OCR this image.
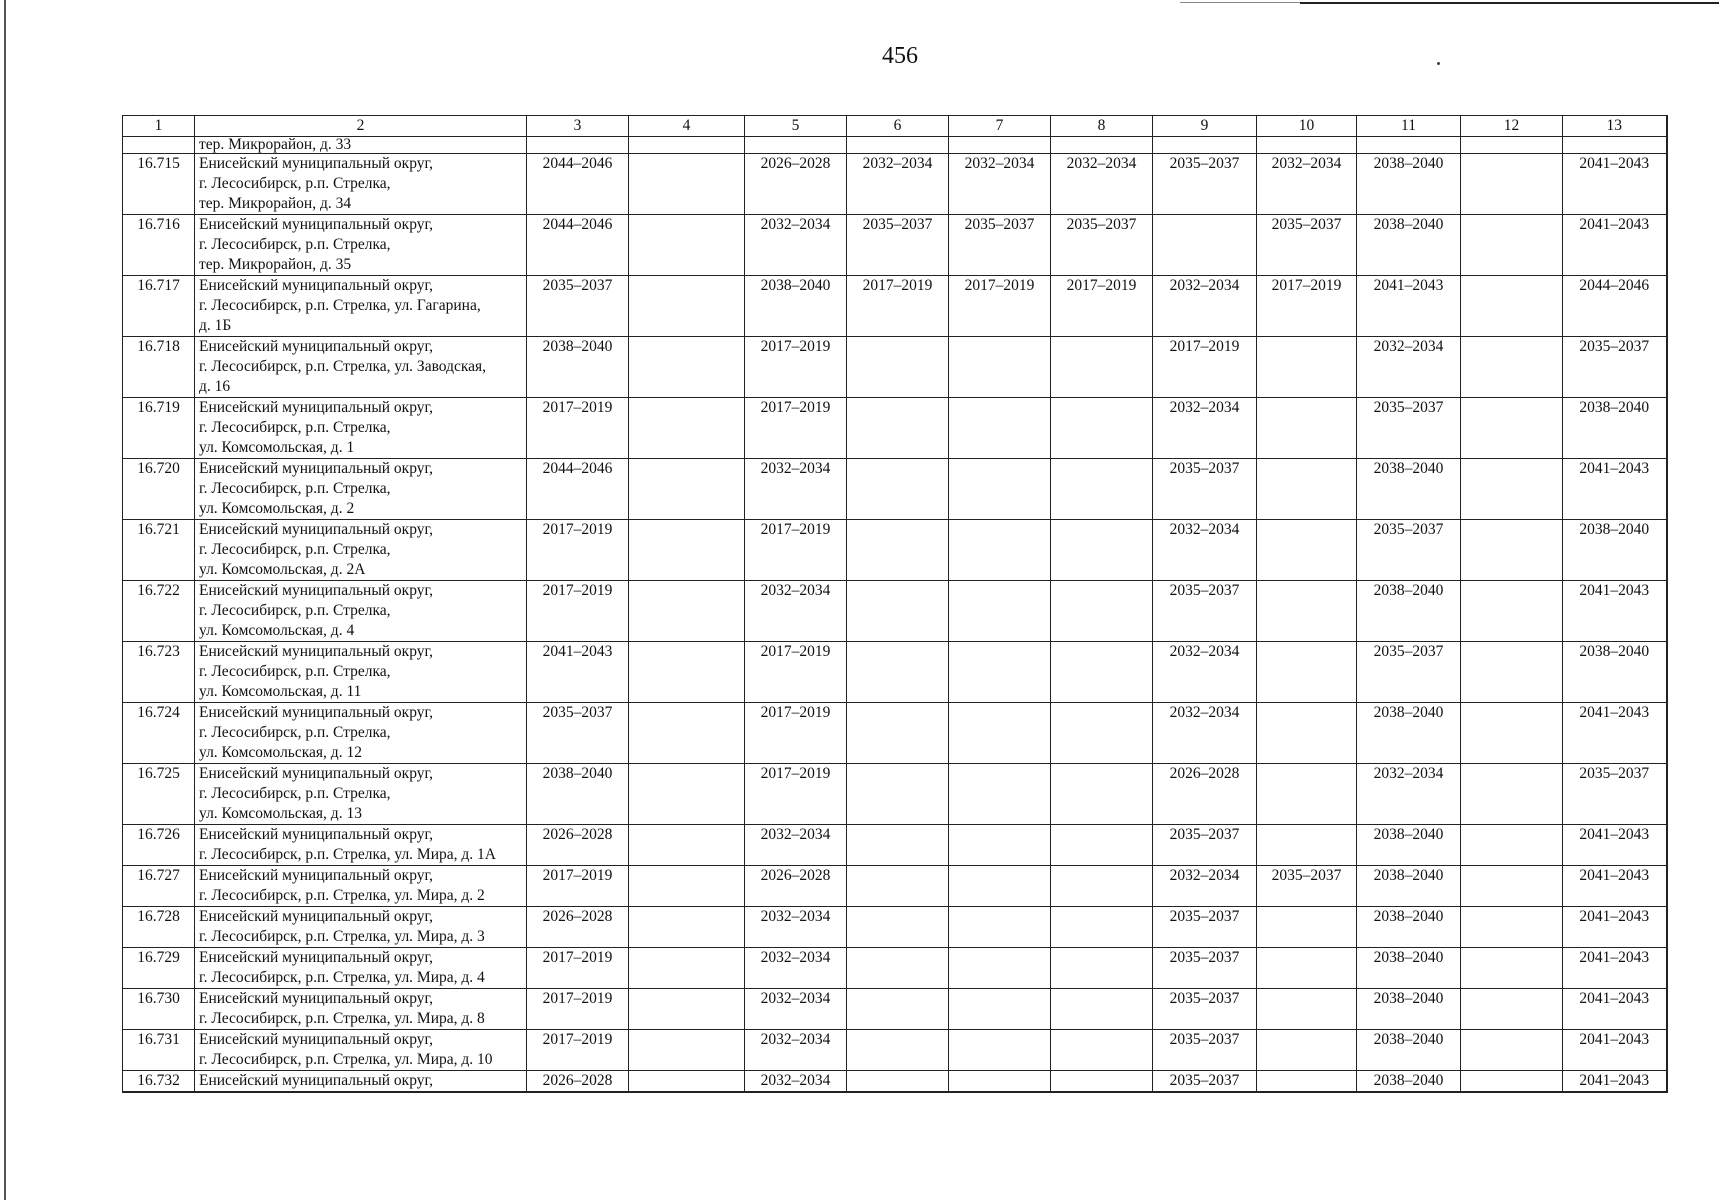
456
1	2	3	4	5	6	7	8	9	10	11	12	13

	тер. Микрорайон, д. 33											

16.715	Енисейский муниципальный округ,
г. Лесосибирск, р.п. Стрелка,
тер. Микрорайон, д. 34	2044–2046		2026–2028	2032–2034	2032–2034	2032–2034	2035–2037	2032–2034	2038–2040		2041–2043
16.716	Енисейский муниципальный округ,
г. Лесосибирск, р.п. Стрелка,
тер. Микрорайон, д. 35	2044–2046		2032–2034	2035–2037	2035–2037	2035–2037		2035–2037	2038–2040		2041–2043
16.717	Енисейский муниципальный округ,
г. Лесосибирск, р.п. Стрелка, ул. Гагарина,
д. 1Б	2035–2037		2038–2040	2017–2019	2017–2019	2017–2019	2032–2034	2017–2019	2041–2043		2044–2046
16.718	Енисейский муниципальный округ,
г. Лесосибирск, р.п. Стрелка, ул. Заводская,
д. 16	2038–2040		2017–2019				2017–2019		2032–2034		2035–2037
16.719	Енисейский муниципальный округ,
г. Лесосибирск, р.п. Стрелка,
ул. Комсомольская, д. 1	2017–2019		2017–2019				2032–2034		2035–2037		2038–2040
16.720	Енисейский муниципальный округ,
г. Лесосибирск, р.п. Стрелка,
ул. Комсомольская, д. 2	2044–2046		2032–2034				2035–2037		2038–2040		2041–2043
16.721	Енисейский муниципальный округ,
г. Лесосибирск, р.п. Стрелка,
ул. Комсомольская, д. 2А	2017–2019		2017–2019				2032–2034		2035–2037		2038–2040
16.722	Енисейский муниципальный округ,
г. Лесосибирск, р.п. Стрелка,
ул. Комсомольская, д. 4	2017–2019		2032–2034				2035–2037		2038–2040		2041–2043
16.723	Енисейский муниципальный округ,
г. Лесосибирск, р.п. Стрелка,
ул. Комсомольская, д. 11	2041–2043		2017–2019				2032–2034		2035–2037		2038–2040
16.724	Енисейский муниципальный округ,
г. Лесосибирск, р.п. Стрелка,
ул. Комсомольская, д. 12	2035–2037		2017–2019				2032–2034		2038–2040		2041–2043
16.725	Енисейский муниципальный округ,
г. Лесосибирск, р.п. Стрелка,
ул. Комсомольская, д. 13	2038–2040		2017–2019				2026–2028		2032–2034		2035–2037
16.726	Енисейский муниципальный округ,
г. Лесосибирск, р.п. Стрелка, ул. Мира, д. 1А	2026–2028		2032–2034				2035–2037		2038–2040		2041–2043
16.727	Енисейский муниципальный округ,
г. Лесосибирск, р.п. Стрелка, ул. Мира, д. 2	2017–2019		2026–2028				2032–2034	2035–2037	2038–2040		2041–2043
16.728	Енисейский муниципальный округ,
г. Лесосибирск, р.п. Стрелка, ул. Мира, д. 3	2026–2028		2032–2034				2035–2037		2038–2040		2041–2043
16.729	Енисейский муниципальный округ,
г. Лесосибирск, р.п. Стрелка, ул. Мира, д. 4	2017–2019		2032–2034				2035–2037		2038–2040		2041–2043
16.730	Енисейский муниципальный округ,
г. Лесосибирск, р.п. Стрелка, ул. Мира, д. 8	2017–2019		2032–2034				2035–2037		2038–2040		2041–2043
16.731	Енисейский муниципальный округ,
г. Лесосибирск, р.п. Стрелка, ул. Мира, д. 10	2017–2019		2032–2034				2035–2037		2038–2040		2041–2043
16.732	Енисейский муниципальный округ,	2026–2028		2032–2034				2035–2037		2038–2040		2041–2043
